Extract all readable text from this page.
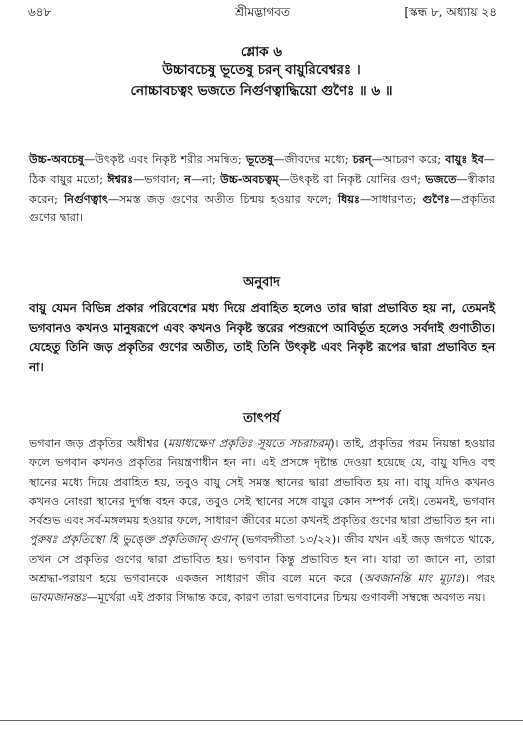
৬৪৮	শ্রীমদ্ভাগবত	[স্কন্ধ ৮, অধ্যায় ২৪
শ্লোক ৬
উচ্চাবচেষু ভূতেষু চরন্ বায়ুরিবেশ্বরঃ ।
নোচ্চাবচত্বং ভজতে নির্গুণত্বাদ্ধিয়ো গুণৈঃ ॥ ৬ ॥
উচ্চ-অবচেষু—উৎকৃষ্ট এবং নিকৃষ্ট শরীর সমন্বিত; ভূতেষু—জীবদের মধ্যে; চরন্—আচরণ করে; বায়ুঃ ইব—ঠিক বায়ুর মতো; ঈশ্বরঃ—ভগবান; ন—না; উচ্চ-অবচত্বম্—উৎকৃষ্ট বা নিকৃষ্ট যোনির গুণ; ভজতে—স্বীকার করেন; নির্গুণত্বাৎ—সমস্ত জড় গুণের অতীত চিন্ময় হওয়ার ফলে; ধিয়ঃ—সাধারণত; গুণৈঃ—প্রকৃতির গুণের দ্বারা।
অনুবাদ
বায়ু যেমন বিভিন্ন প্রকার পরিবেশের মধ্য দিয়ে প্রবাহিত হলেও তার দ্বারা প্রভাবিত হয় না, তেমনই ভগবানও কখনও মানুষরূপে এবং কখনও নিকৃষ্ট স্তরের পশুরূপে আবির্ভূত হলেও সর্বদাই গুণাতীত। যেহেতু তিনি জড় প্রকৃতির গুণের অতীত, তাই তিনি উৎকৃষ্ট এবং নিকৃষ্ট রূপের দ্বারা প্রভাবিত হন না।
তাৎপর্য
ভগবান জড় প্রকৃতির অধীশ্বর (ময়াধ্যক্ষেণ প্রকৃতিঃ সূয়তে সচরাচরম্)। তাই, প্রকৃতির পরম নিয়ন্তা হওয়ার ফলে ভগবান কখনও প্রকৃতির নিয়ন্ত্রণাধীন হন না। এই প্রসঙ্গে দৃষ্টান্ত দেওয়া হয়েছে যে, বায়ু যদিও বহু স্থানের মধ্যে দিয়ে প্রবাহিত হয়, তবুও বায়ু সেই সমস্ত স্থানের দ্বারা প্রভাবিত হয় না। বায়ু যদিও কখনও কখনও নোংরা স্থানের দুর্গন্ধ বহন করে, তবুও সেই স্থানের সঙ্গে বায়ুর কোন সম্পর্ক নেই। তেমনই, ভগবান সর্বশুভ এবং সর্ব-মঙ্গলময় হওয়ার ফলে, সাধারণ জীবের মতো কখনই প্রকৃতির গুণের দ্বারা প্রভাবিত হন না। পুরুষঃ প্রকৃতিস্থো হি ভুঙ্ক্তে প্রকৃতিজান্ গুণান্ (ভগবদ্গীতা ১৩/২২)। জীব যখন এই জড় জগতে থাকে, তখন সে প্রকৃতির গুণের দ্বারা প্রভাবিত হয়। ভগবান কিন্তু প্রভাবিত হন না। যারা তা জানে না, তারা অশ্রদ্ধা-পরায়ণ হয়ে ভগবানকে একজন সাধারণ জীব বলে মনে করে (অবজানন্তি মাং মূঢ়াঃ)। পরং ভাবমজানন্তঃ—মূর্খেরা এই প্রকার সিদ্ধান্ত করে, কারণ তারা ভগবানের চিন্ময় গুণাবলী সম্বন্ধে অবগত নয়।
